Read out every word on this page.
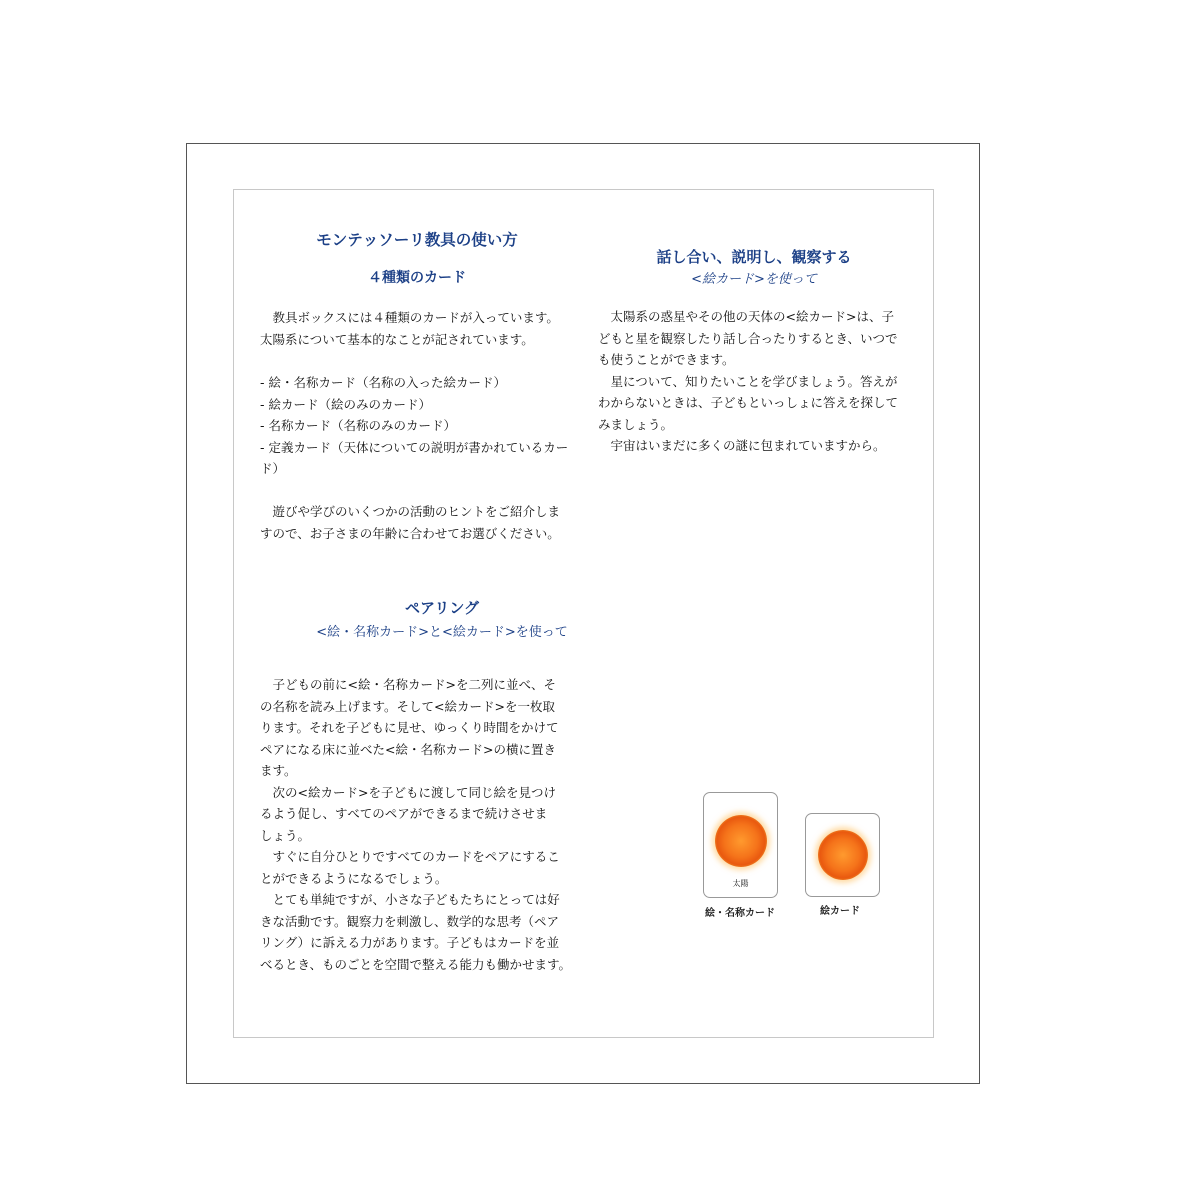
モンテッソーリ教具の使い方
４種類のカード

　教具ボックスには４種類のカードが入っています。

太陽系について基本的なことが記されています。

- 絵・名称カード（名称の入った絵カード）

- 絵カード（絵のみのカード）

- 名称カード（名称のみのカード）

- 定義カード（天体についての説明が書かれているカー

ド）

　遊びや学びのいくつかの活動のヒントをご紹介しま

すので、お子さまの年齢に合わせてお選びください。

話し合い、説明し、観察する
<絵カード>を使って

　太陽系の惑星やその他の天体の<絵カード>は、子

どもと星を観察したり話し合ったりするとき、いつで

も使うことができます。

　星について、知りたいことを学びましょう。答えが

わからないときは、子どもといっしょに答えを探して

みましょう。

　宇宙はいまだに多くの謎に包まれていますから。

ペアリング
<絵・名称カード>と<絵カード>を使って

　子どもの前に<絵・名称カード>を二列に並べ、そ

の名称を読み上げます。そして<絵カード>を一枚取

ります。それを子どもに見せ、ゆっくり時間をかけて

ペアになる床に並べた<絵・名称カード>の横に置き

ます。

　次の<絵カード>を子どもに渡して同じ絵を見つけ

るよう促し、すべてのペアができるまで続けさせま

しょう。

　すぐに自分ひとりですべてのカードをペアにするこ

とができるようになるでしょう。

　とても単純ですが、小さな子どもたちにとっては好

きな活動です。観察力を刺激し、数学的な思考（ペア

リング）に訴える力があります。子どもはカードを並

べるとき、ものごとを空間で整える能力も働かせます。

太陽
絵・名称カード	絵カード
